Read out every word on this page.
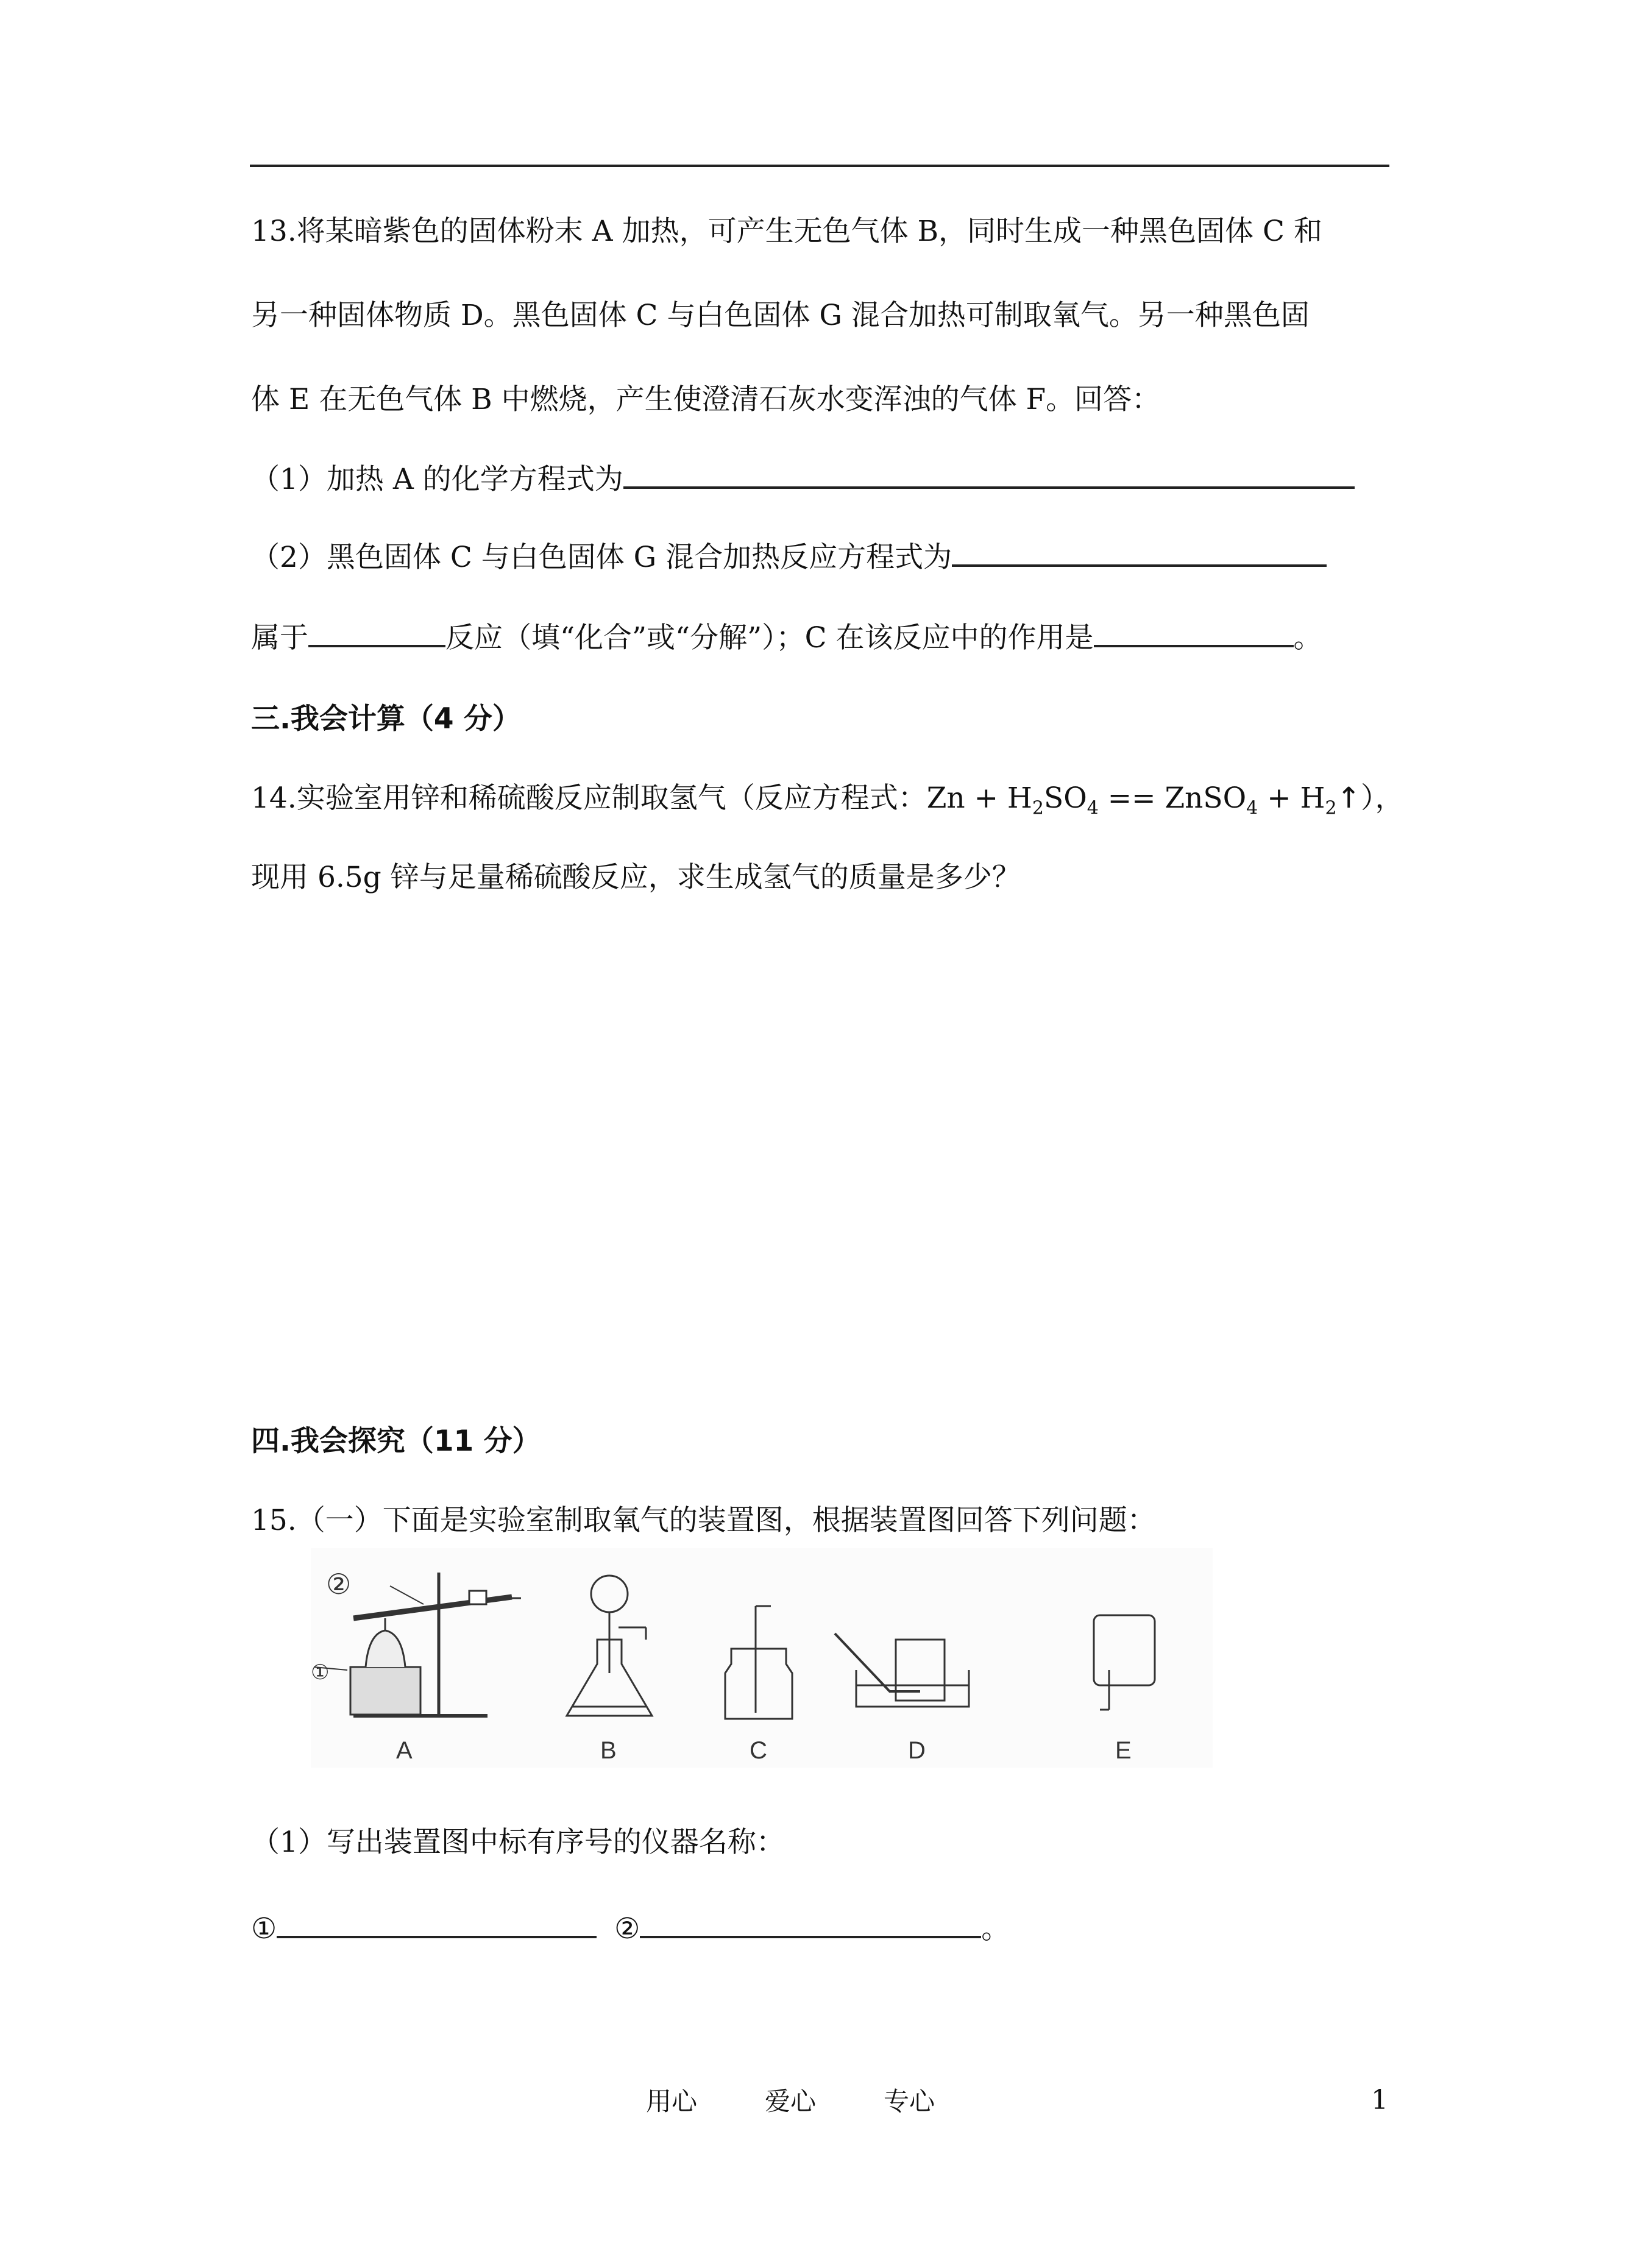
13.将某暗紫色的固体粉末 A 加热，可产生无色气体 B，同时生成一种黑色固体 C 和
另一种固体物质 D。黑色固体 C 与白色固体 G 混合加热可制取氧气。另一种黑色固
体 E 在无色气体 B 中燃烧，产生使澄清石灰水变浑浊的气体 F。回答：
（1）加热 A 的化学方程式为
（2）黑色固体 C 与白色固体 G 混合加热反应方程式为
属于	反应（填“化合”或“分解”）；C 在该反应中的作用是	。
三.我会计算（4 分）
14.实验室用锌和稀硫酸反应制取氢气（反应方程式：$Zn + H_2SO_4$ == ZnSO$_4$ + $H_2↑$），
现用 6.5g 锌与足量稀硫酸反应，求生成氢气的质量是多少？
四.我会探究（11 分）
15.（一）下面是实验室制取氧气的装置图，根据装置图回答下列问题：
A	B	C	D	E
②
①
（1）写出装置图中标有序号的仪器名称：
①	②	。
用心	爱心	专心	1
